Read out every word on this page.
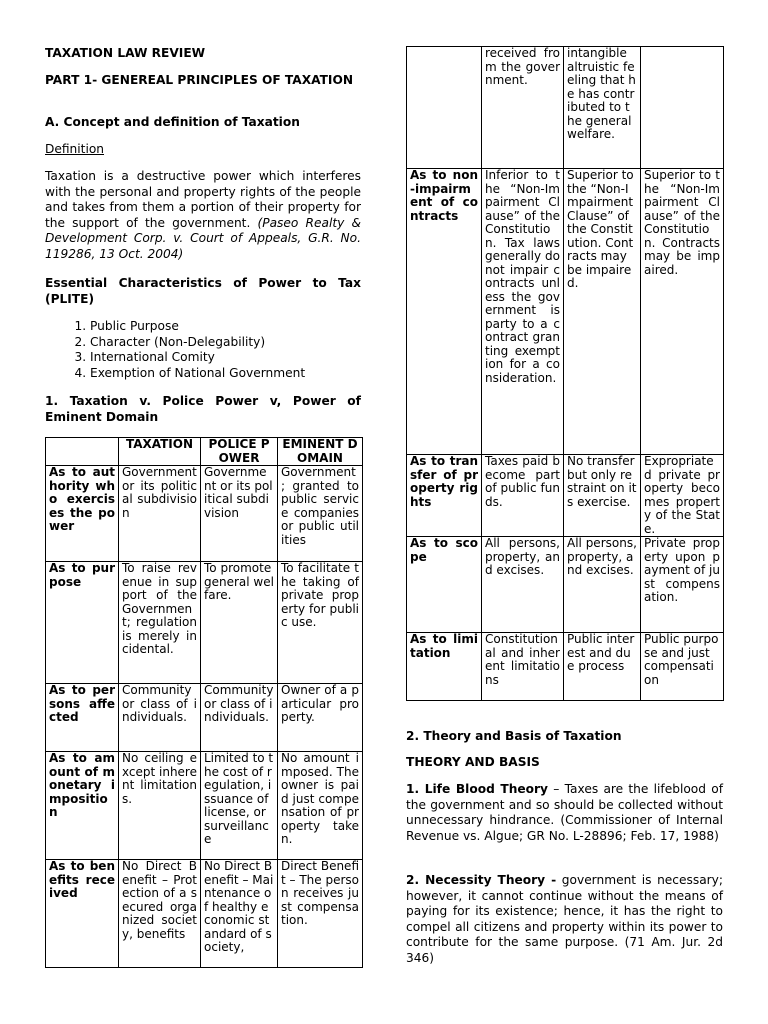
TAXATION LAW REVIEW

PART 1- GENEREAL PRINCIPLES OF TAXATION

A. Concept and definition of Taxation

Definition

Taxation is a destructive power which interferes with the personal and property rights of the people and takes from them a portion of their property for the support of the government. (Paseo Realty & Development Corp. v. Court of Appeals, G.R. No. 119286, 13 Oct. 2004)

Essential Characteristics of Power to Tax (PLITE)

1. Public Purpose
2. Character (Non-Delegability)
3. International Comity
4. Exemption of National Government

1. Taxation v. Police Power v, Power of Eminent Domain

	TAXATION	POLICE POWER	EMINENT DOMAIN
As to authority who exercises the power	Government or its political subdivision	Government or its political subdivision	Government ; granted to public service companies or public utilities
As to purpose	To raise revenue in support of the Government; regulation is merely incidental.	To promote general welfare.	To facilitate the taking of private property for public use.
As to persons affected	Community or class of individuals.	Community or class of individuals.	Owner of a particular property.
As to amount of monetary imposition	No ceiling except inherent limitations.	Limited to the cost of regulation, issuance of license, or surveillance	No amount imposed. The owner is paid just compensation of property taken.
As to benefits received	No Direct Benefit – Protection of a secured organized society, benefits	No Direct Benefit – Maintenance of healthy economic standard of society,	Direct Benefit – The person receives just compensation.
	received from the government.	intangible altruistic feeling that he has contributed to the general welfare.	
As to non-impairment of contracts	Inferior to the “Non-Impairment Clause” of the Constitution. Tax laws generally do not impair contracts unless the government is party to a contract granting exemption for a consideration.	Superior to the “Non-Impairment Clause” of the Constitution. Contracts may be impaired.	Superior to the “Non-Impairment Clause” of the Constitution. Contracts may be impaired.
As to transfer of property rights	Taxes paid become part of public funds.	No transfer but only restraint on its exercise.	Expropriated private property becomes property of the State.
As to scope	All persons, property, and excises.	All persons, property, and excises.	Private property upon payment of just compensation.
As to limitation	Constitutional and inherent limitations	Public interest and due process	Public purpose and just compensation

2. Theory and Basis of Taxation

THEORY AND BASIS

1. Life Blood Theory – Taxes are the lifeblood of the government and so should be collected without unnecessary hindrance. (Commissioner of Internal Revenue vs. Algue; GR No. L-28896; Feb. 17, 1988)

2. Necessity Theory - government is necessary; however, it cannot continue without the means of paying for its existence; hence, it has the right to compel all citizens and property within its power to contribute for the same purpose. (71 Am. Jur. 2d 346)
